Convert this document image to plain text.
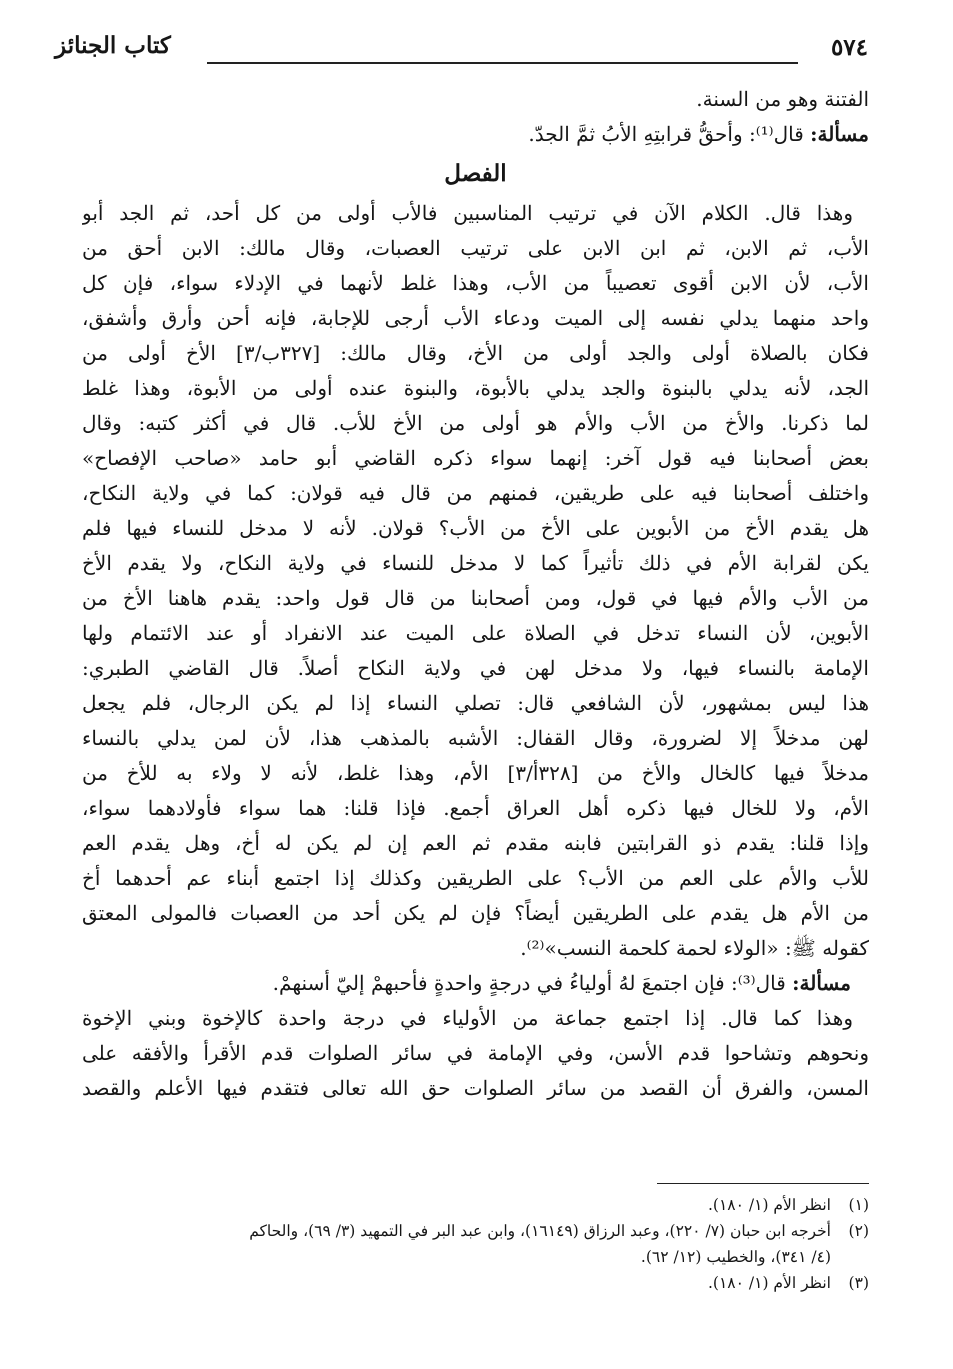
٥٧٤
كتاب الجنائز
الفتنة وهو من السنة.
مسألة: قال⁽¹⁾: وأحقُّ قرابتِهِ الأبُ ثمَّ الجدّ.
الفصل
وهذا قال. الكلام الآن في ترتيب المناسبين فالأب أولى من كل أحد، ثم الجد أبو
الأب، ثم الابن، ثم ابن الابن على ترتيب العصبات، وقال مالك: الابن أحق من
الأب، لأن الابن أقوى تعصيباً من الأب، وهذا غلط لأنهما في الإدلاء سواء، فإن كل
واحد منهما يدلي نفسه إلى الميت ودعاء الأب أرجى للإجابة، فإنه أحن وأرق وأشفق،
فكان بالصلاة أولى والجد أولى من الأخ، وقال مالك: [٣٢٧ب/٣] الأخ أولى من
الجد، لأنه يدلي بالبنوة والجد يدلي بالأبوة، والبنوة عنده أولى من الأبوة، وهذا غلط
لما ذكرنا. والأخ من الأب والأم هو أولى من الأخ للأب. قال في أكثر كتبه: وقال
بعض أصحابنا فيه قول آخر: إنهما سواء ذكره القاضي أبو حامد «صاحب الإفصاح»
واختلف أصحابنا فيه على طريقين، فمنهم من قال فيه قولان: كما في ولاية النكاح،
هل يقدم الأخ من الأبوين على الأخ من الأب؟ قولان. لأنه لا مدخل للنساء فيها فلم
يكن لقرابة الأم في ذلك تأثيراً كما لا مدخل للنساء في ولاية النكاح، ولا يقدم الأخ
من الأب والأم فيها في قول، ومن أصحابنا من قال قول واحد: يقدم هاهنا الأخ من
الأبوين، لأن النساء تدخل في الصلاة على الميت عند الانفراد أو عند الائتمام ولها
الإمامة بالنساء فيها، ولا مدخل لهن في ولاية النكاح أصلاً. قال القاضي الطبري:
هذا ليس بمشهور، لأن الشافعي قال: تصلي النساء إذا لم يكن الرجال، فلم يجعل
لهن مدخلاً إلا لضرورة، وقال القفال: الأشبه بالمذهب هذا، لأن لمن يدلي بالنساء
مدخلاً فيها كالخال والأخ من [٣٢٨أ/٣] الأم، وهذا غلط، لأنه لا ولاء به للأخ من
الأم، ولا للخال فيها ذكره أهل العراق أجمع. فإذا قلنا: هما سواء فأولادهما سواء،
وإذا قلنا: يقدم ذو القرابتين فابنه مقدم ثم العم إن لم يكن له أخ، وهل يقدم العم
للأب والأم على العم من الأب؟ على الطريقين وكذلك إذا اجتمع أبناء عم أحدهما أخ
من الأم هل يقدم على الطريقين أيضاً؟ فإن لم يكن أحد من العصبات فالمولى المعتق
كقوله ﷺ: «الولاء لحمة كلحمة النسب»⁽²⁾.
مسألة: قال⁽³⁾: فإن اجتمعَ لهُ أولياءُ في درجةٍ واحدةٍ فأحبهمْ إليّ أسنهمْ.
وهذا كما قال. إذا اجتمع جماعة من الأولياء في درجة واحدة كالإخوة وبني الإخوة
ونحوهم وتشاحوا قدم الأسن، وفي الإمامة في سائر الصلوات قدم الأقرأ والأفقه على
المسن، والفرق أن القصد من سائر الصلوات حق الله تعالى فتقدم فيها الأعلم والقصد
(١)انظر الأم (١/ ١٨٠).
(٢)أخرجه ابن حبان (٧/ ٢٢٠)، وعبد الرزاق (١٦١٤٩)، وابن عبد البر في التمهيد (٣/ ٦٩)، والحاكم
(٤/ ٣٤١)، والخطيب (١٢/ ٦٢).
(٣)انظر الأم (١/ ١٨٠).
